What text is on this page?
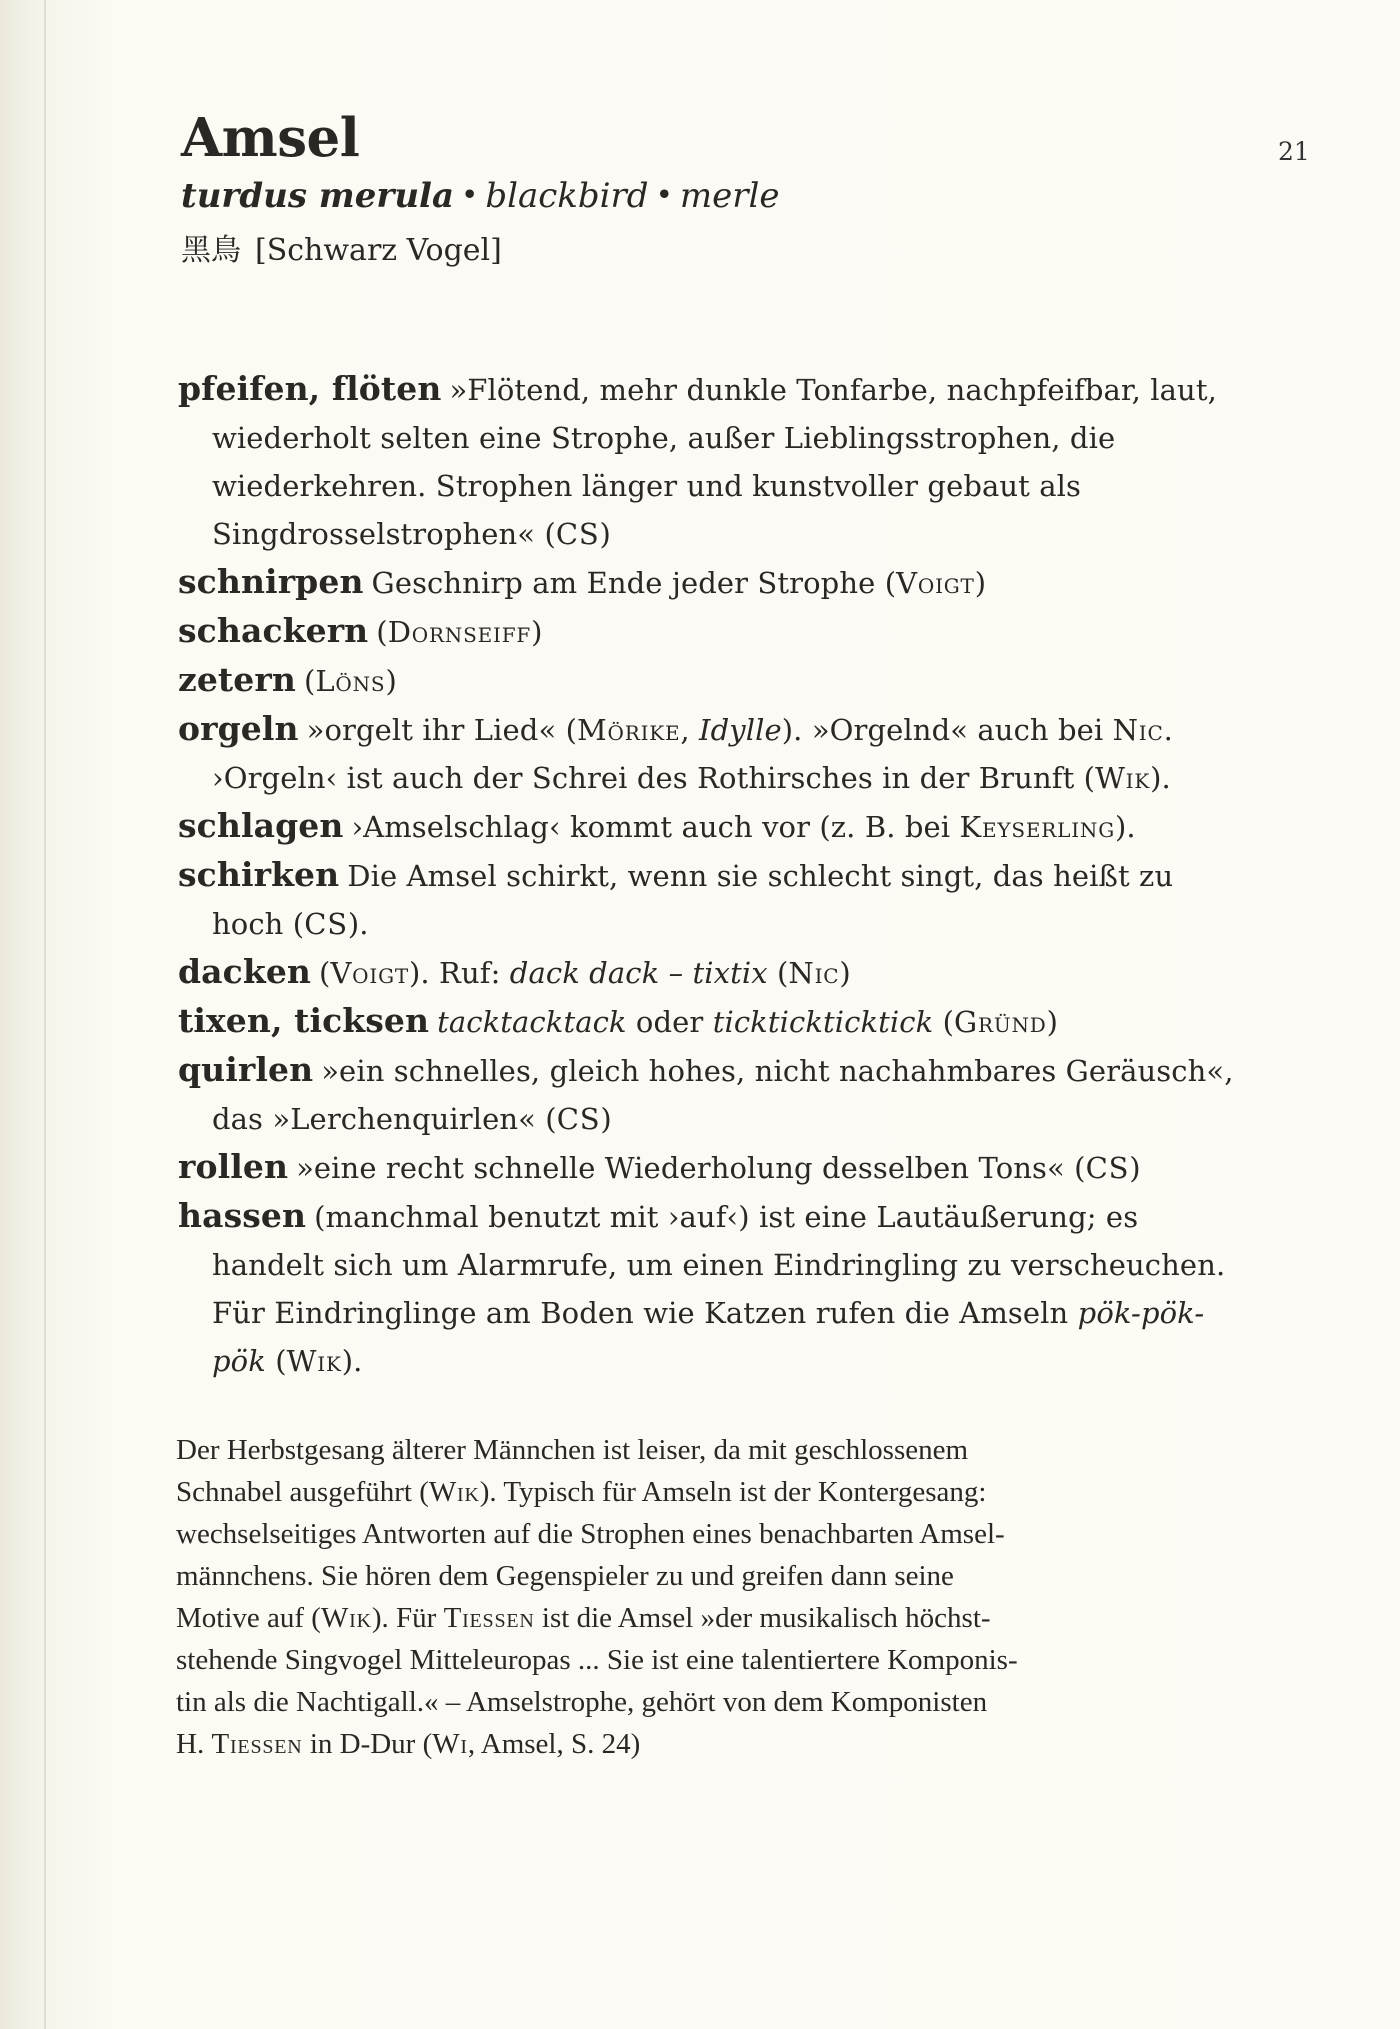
21
Amsel

turdus merula • blackbird • merle

黑鳥 [Schwarz Vogel]

pfeifen, flöten »Flötend, mehr dunkle Tonfarbe, nachpfeifbar, laut, wiederholt selten eine Strophe, außer Lieblingsstrophen, die wiederkehren. Strophen länger und kunstvoller gebaut als Singdrosselstrophen« (CS)

schnirpen Geschnirp am Ende jeder Strophe (Voigt)

schackern (Dornseiff)

zetern (Löns)

orgeln »orgelt ihr Lied« (Mörike, Idylle). »Orgelnd« auch bei Nic. ›Orgeln‹ ist auch der Schrei des Rothirsches in der Brunft (Wik).

schlagen ›Amselschlag‹ kommt auch vor (z. B. bei Keyserling).

schirken Die Amsel schirkt, wenn sie schlecht singt, das heißt zu hoch (CS).

dacken (Voigt). Ruf: dack dack – tixtix (Nic)

tixen, ticksen tacktacktack oder ticktickticktick (Gründ)

quirlen »ein schnelles, gleich hohes, nicht nachahmbares Geräusch«, das »Lerchenquirlen« (CS)

rollen »eine recht schnelle Wiederholung desselben Tons« (CS)

hassen (manchmal benutzt mit ›auf‹) ist eine Lautäußerung; es handelt sich um Alarmrufe, um einen Eindringling zu verscheuchen. Für Eindringlinge am Boden wie Katzen rufen die Amseln pök-pök-pök (Wik).

Der Herbstgesang älterer Männchen ist leiser, da mit geschlossenem
Schnabel ausgeführt (Wik). Typisch für Amseln ist der Kontergesang:
wechselseitiges Antworten auf die Strophen eines benachbarten Amsel-
männchens. Sie hören dem Gegenspieler zu und greifen dann seine
Motive auf (Wik). Für Tiessen ist die Amsel »der musikalisch höchst-
stehende Singvogel Mitteleuropas ... Sie ist eine talentiertere Komponis-
tin als die Nachtigall.« – Amselstrophe, gehört von dem Komponisten
H. Tiessen in D-Dur (Wi, Amsel, S. 24)
